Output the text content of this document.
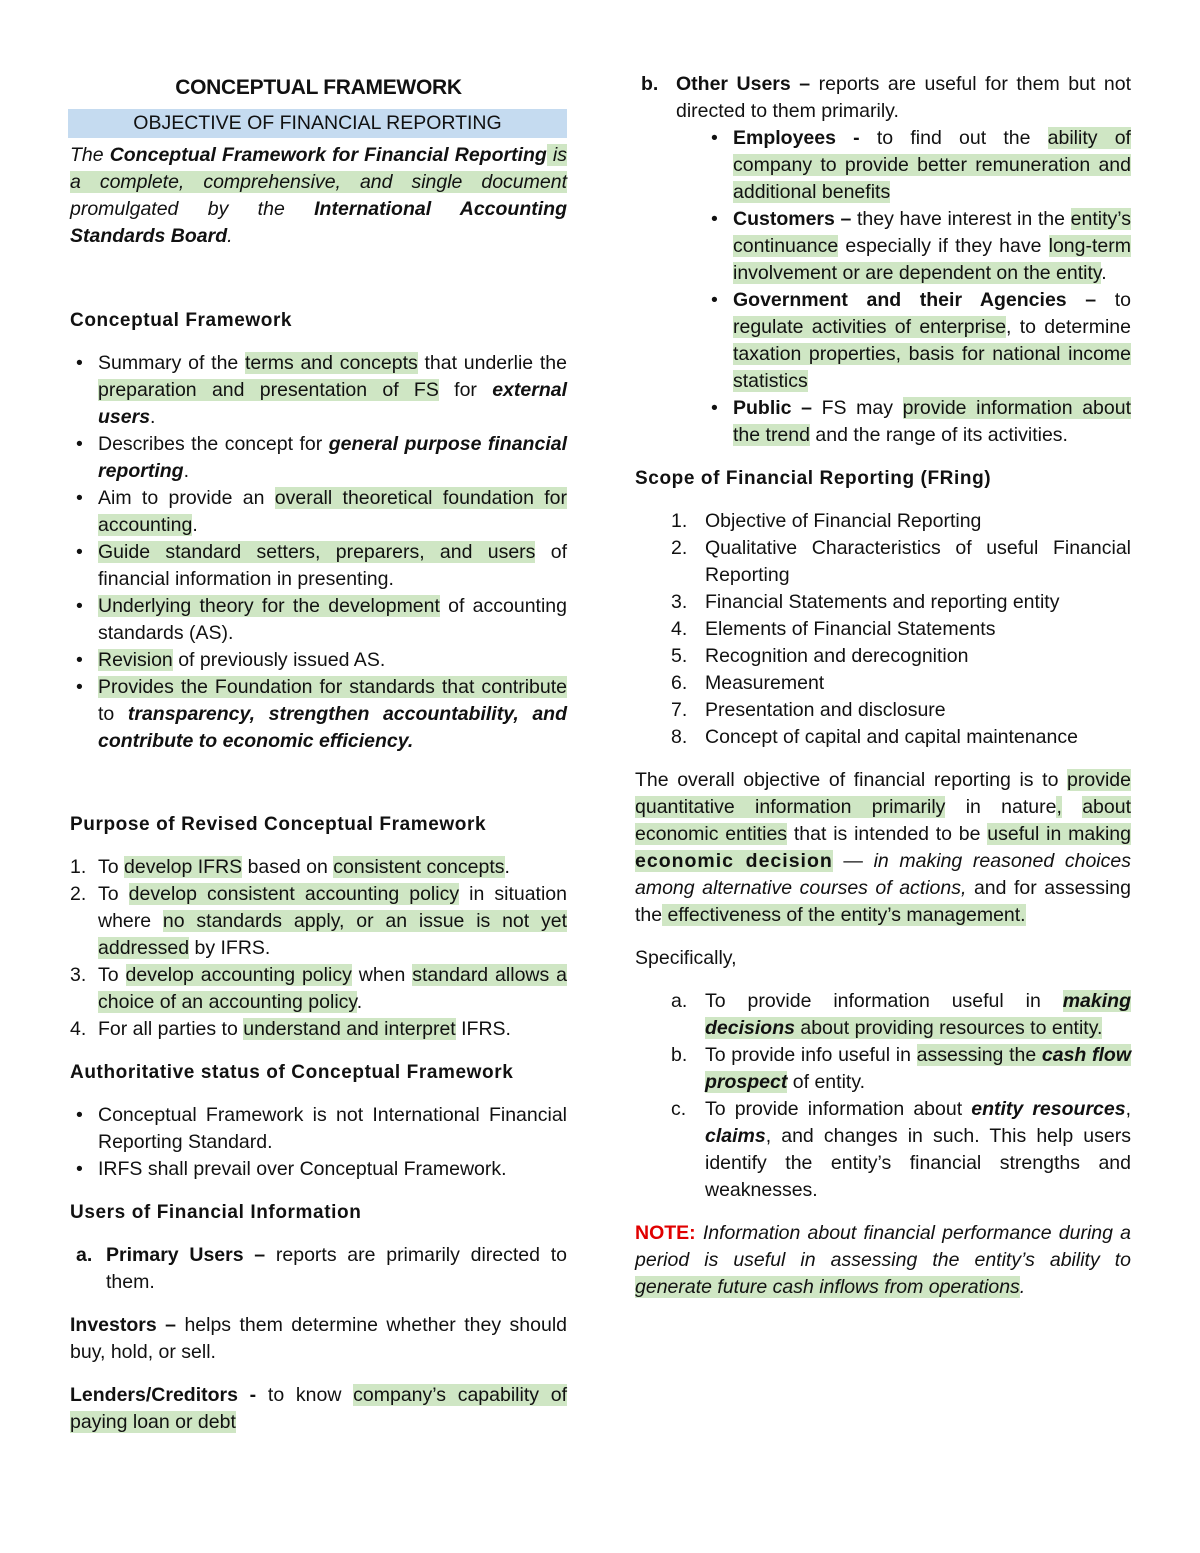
CONCEPTUAL FRAMEWORK

OBJECTIVE OF FINANCIAL REPORTING

The Conceptual Framework for Financial Reporting is a complete, comprehensive, and single document promulgated by the International Accounting Standards Board.

Conceptual Framework

• Summary of the terms and concepts that underlie the preparation and presentation of FS for external users.
• Describes the concept for general purpose financial reporting.
• Aim to provide an overall theoretical foundation for accounting.
• Guide standard setters, preparers, and users of financial information in presenting.
• Underlying theory for the development of accounting standards (AS).
• Revision of previously issued AS.
• Provides the Foundation for standards that contribute to transparency, strengthen accountability, and contribute to economic efficiency.

Purpose of Revised Conceptual Framework

1. To develop IFRS based on consistent concepts.
2. To develop consistent accounting policy in situation where no standards apply, or an issue is not yet addressed by IFRS.
3. To develop accounting policy when standard allows a choice of an accounting policy.
4. For all parties to understand and interpret IFRS.

Authoritative status of Conceptual Framework

• Conceptual Framework is not International Financial Reporting Standard.
• IRFS shall prevail over Conceptual Framework.

Users of Financial Information

a. Primary Users – reports are primarily directed to them.

Investors – helps them determine whether they should buy, hold, or sell.

Lenders/Creditors - to know company’s capability of paying loan or debt

b. Other Users – reports are useful for them but not directed to them primarily.
• Employees - to find out the ability of company to provide better remuneration and additional benefits
• Customers – they have interest in the entity’s continuance especially if they have long-term involvement or are dependent on the entity.
• Government and their Agencies – to regulate activities of enterprise, to determine taxation properties, basis for national income statistics
• Public – FS may provide information about the trend and the range of its activities.

Scope of Financial Reporting (FRing)

1. Objective of Financial Reporting
2. Qualitative Characteristics of useful Financial Reporting
3. Financial Statements and reporting entity
4. Elements of Financial Statements
5. Recognition and derecognition
6. Measurement
7. Presentation and disclosure
8. Concept of capital and capital maintenance

The overall objective of financial reporting is to provide quantitative information primarily in nature, about economic entities that is intended to be useful in making economic decision — in making reasoned choices among alternative courses of actions, and for assessing the effectiveness of the entity’s management.

Specifically,

a. To provide information useful in making decisions about providing resources to entity.
b. To provide info useful in assessing the cash flow prospect of entity.
c. To provide information about entity resources, claims, and changes in such. This help users identify the entity’s financial strengths and weaknesses.

NOTE: Information about financial performance during a period is useful in assessing the entity’s ability to generate future cash inflows from operations.
